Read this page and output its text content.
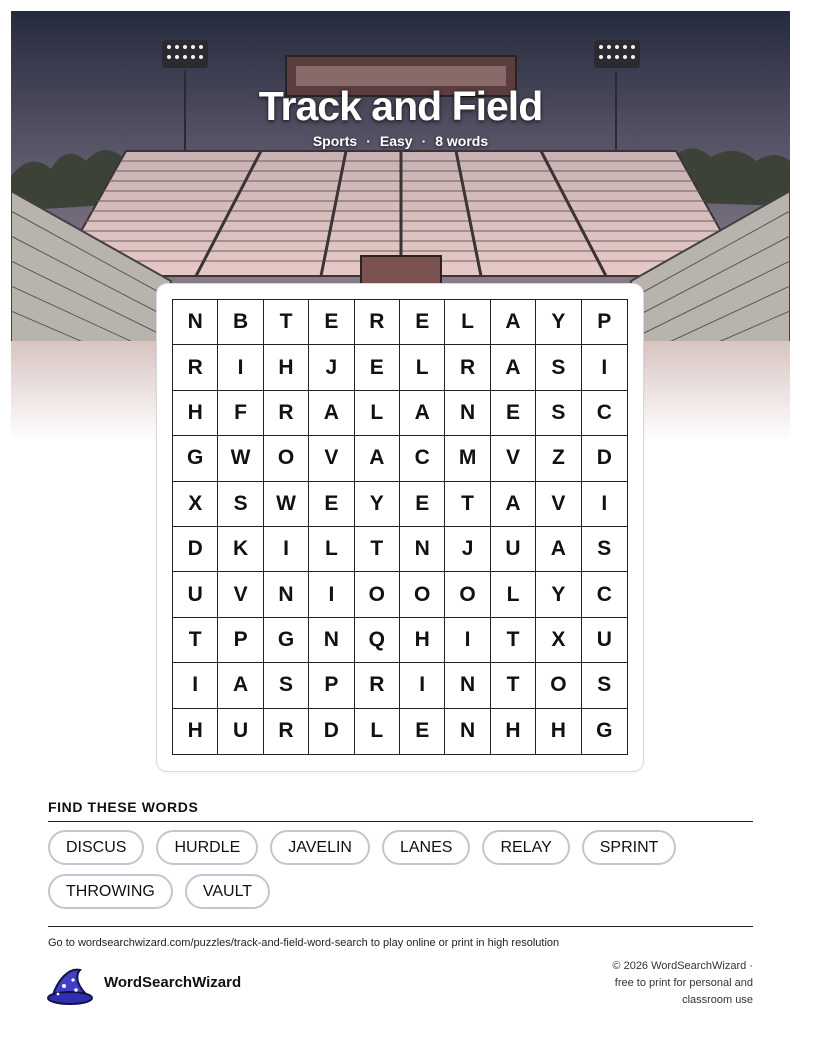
Track and Field
Sports · Easy · 8 words
N	B	T	E	R	E	L	A	Y	P
R	I	H	J	E	L	R	A	S	I
H	F	R	A	L	A	N	E	S	C
G	W	O	V	A	C	M	V	Z	D
X	S	W	E	Y	E	T	A	V	I
D	K	I	L	T	N	J	U	A	S
U	V	N	I	O	O	O	L	Y	C
T	P	G	N	Q	H	I	T	X	U
I	A	S	P	R	I	N	T	O	S
H	U	R	D	L	E	N	H	H	G
FIND THESE WORDS
DISCUS	HURDLE	JAVELIN	LANES	RELAY	SPRINT
THROWING	VAULT
Go to wordsearchwizard.com/puzzles/track-and-field-word-search to play online or print in high resolution
WordSearchWizard
© 2026 WordSearchWizard ·
free to print for personal and
classroom use
